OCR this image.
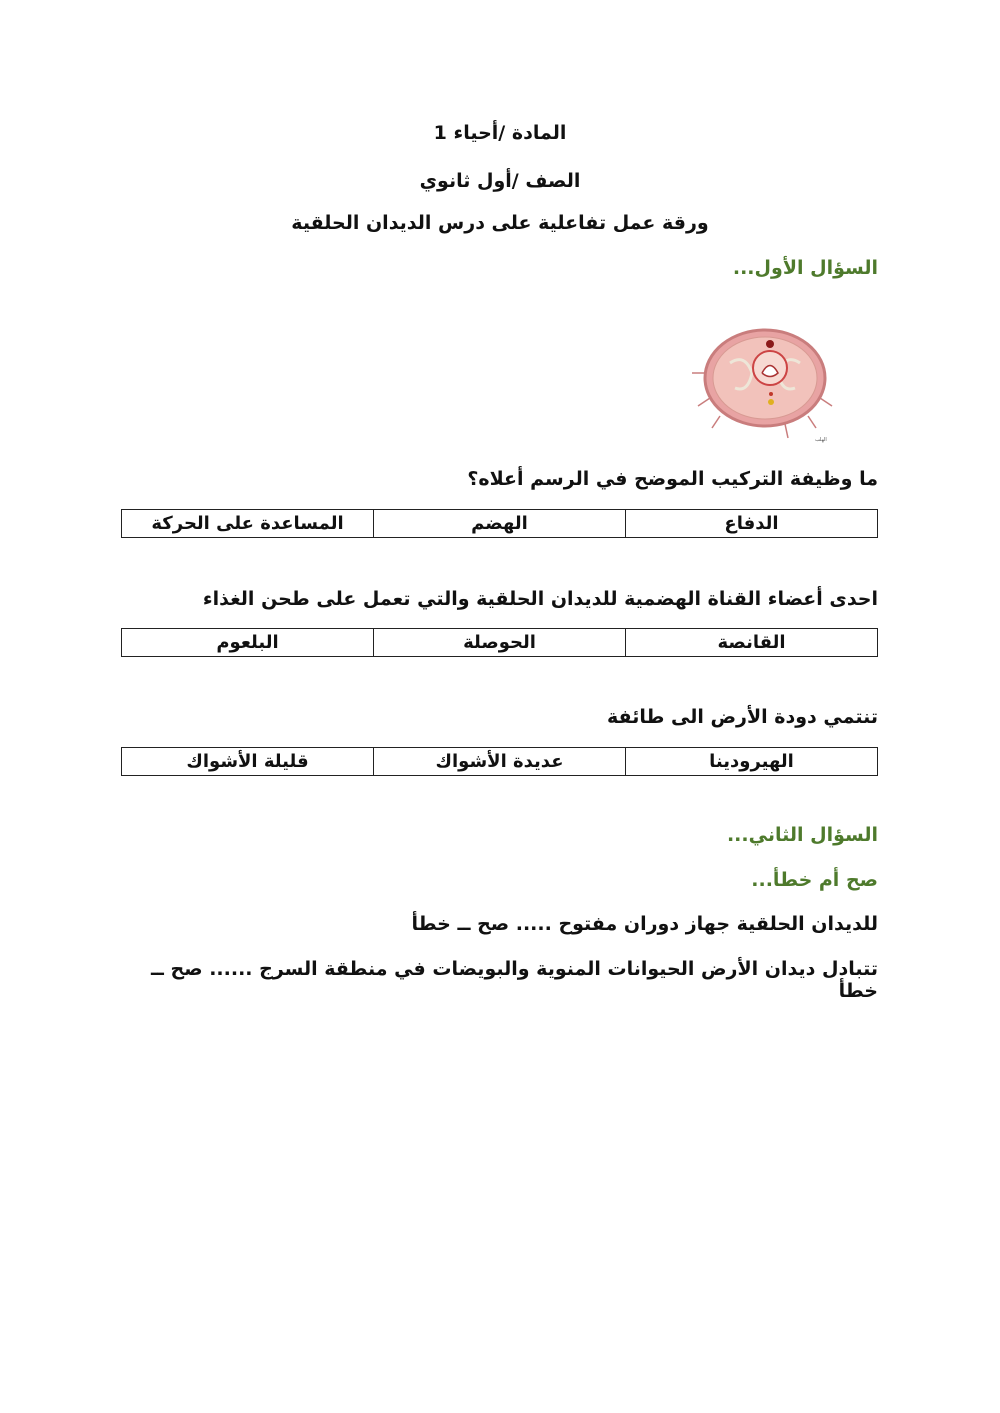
المادة /أحياء 1
الصف /أول ثانوي
ورقة عمل تفاعلية على درس الديدان الحلقية
السؤال الأول...
الهلب
ما وظيفة التركيب الموضح في الرسم أعلاه؟
الدفاع
الهضم
المساعدة على الحركة
احدى أعضاء القناة الهضمية للديدان الحلقية والتي تعمل على طحن الغذاء
القانصة
الحوصلة
البلعوم
تنتمي دودة الأرض الى طائفة
الهيرودينا
عديدة الأشواك
قليلة الأشواك
السؤال الثاني...
صح أم خطأ...
للديدان الحلقية جهاز دوران مفتوح ..... صح ــ خطأ
تتبادل ديدان الأرض الحيوانات المنوية والبويضات في منطقة السرج ...... صح ــ خطأ
